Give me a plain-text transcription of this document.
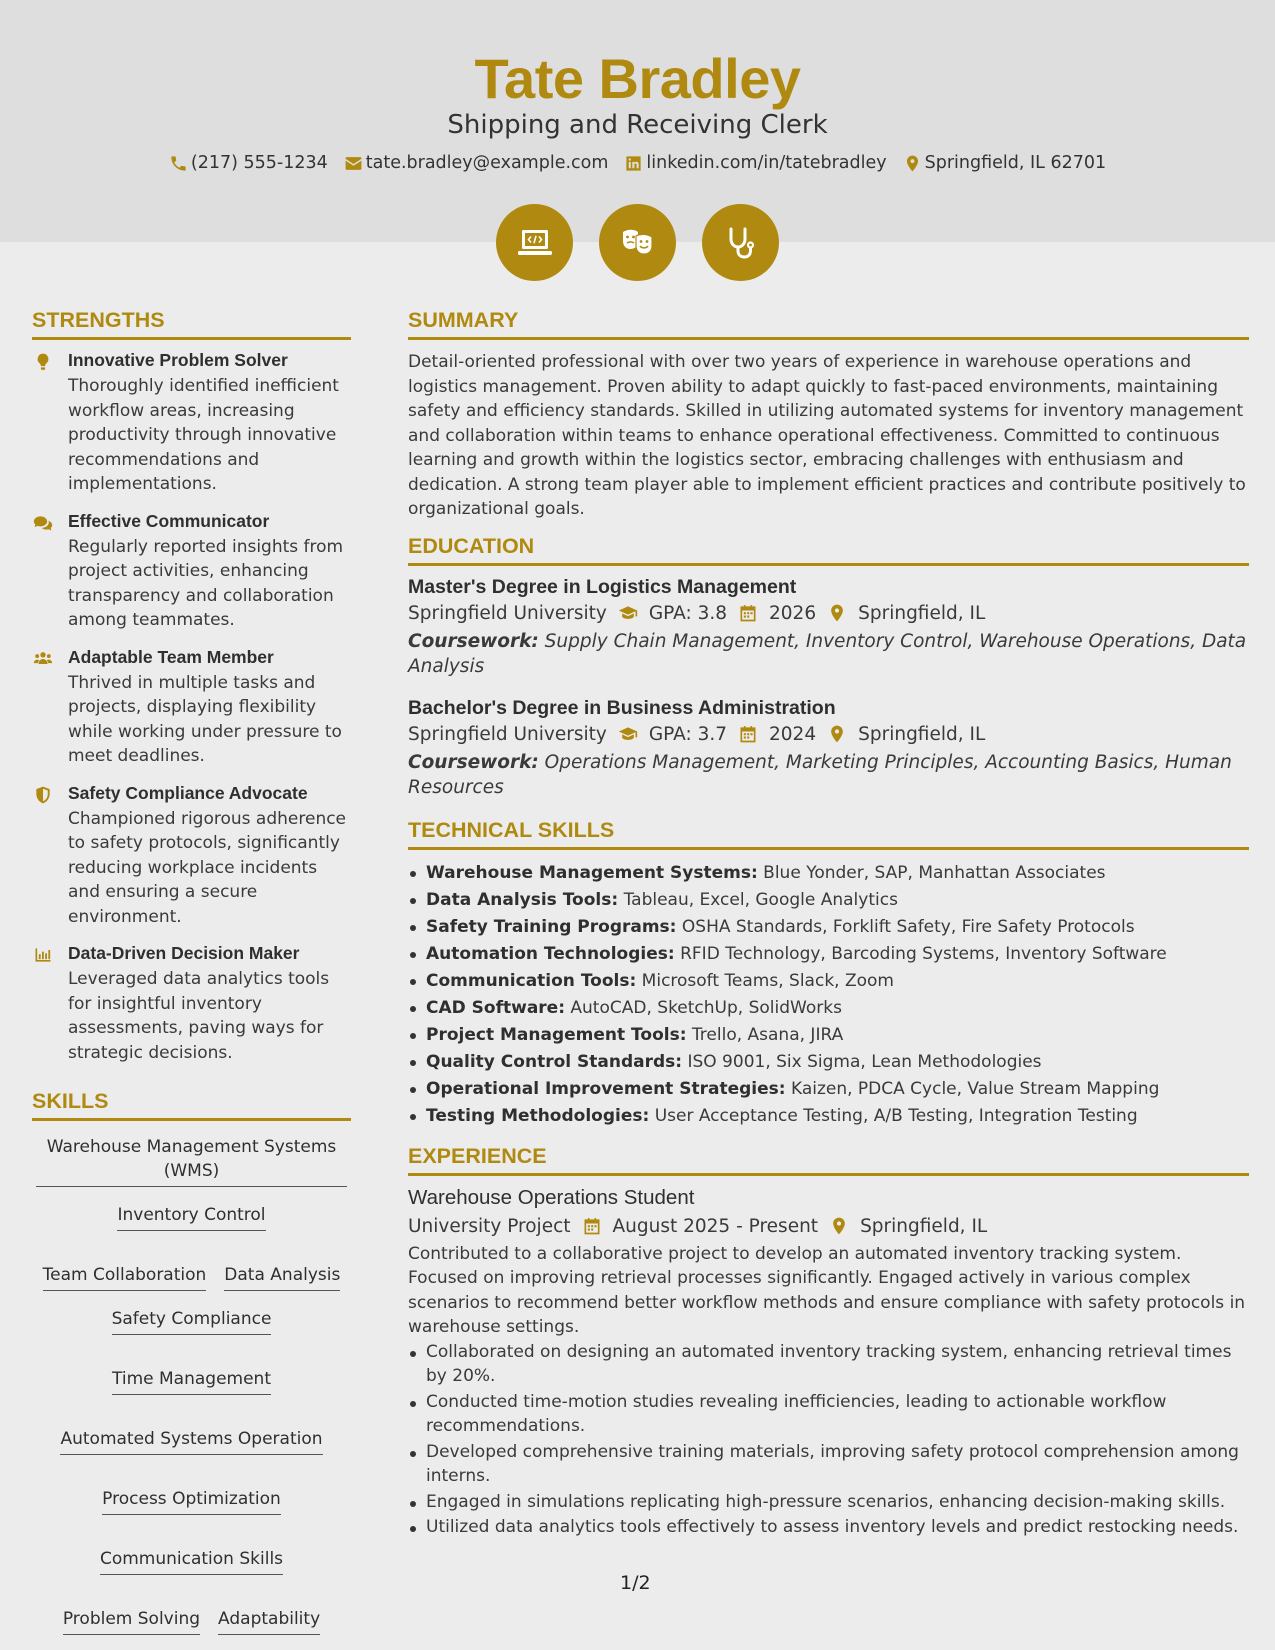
Tate Bradley
Shipping and Receiving Clerk
(217) 555-1234 tate.bradley@example.com linkedin.com/in/tatebradley Springfield, IL 62701
STRENGTHS
Innovative Problem Solver
Thoroughly identified inefficient workflow areas, increasing productivity through innovative recommendations and implementations.
Effective Communicator
Regularly reported insights from project activities, enhancing transparency and collaboration among teammates.
Adaptable Team Member
Thrived in multiple tasks and projects, displaying flexibility while working under pressure to meet deadlines.
Safety Compliance Advocate
Championed rigorous adherence to safety protocols, significantly reducing workplace incidents and ensuring a secure environment.
Data-Driven Decision Maker
Leveraged data analytics tools for insightful inventory assessments, paving ways for strategic decisions.
SKILLS
Warehouse Management Systems (WMS)
Inventory Control
Team Collaboration Data Analysis
Safety Compliance
Time Management
Automated Systems Operation
Process Optimization
Communication Skills
Problem Solving Adaptability
SUMMARY
Detail-oriented professional with over two years of experience in warehouse operations and logistics management. Proven ability to adapt quickly to fast-paced environments, maintaining safety and efficiency standards. Skilled in utilizing automated systems for inventory management and collaboration within teams to enhance operational effectiveness. Committed to continuous learning and growth within the logistics sector, embracing challenges with enthusiasm and dedication. A strong team player able to implement efficient practices and contribute positively to organizational goals.
EDUCATION
Master's Degree in Logistics Management
Springfield University GPA: 3.8 2026 Springfield, IL
Coursework: Supply Chain Management, Inventory Control, Warehouse Operations, Data Analysis
Bachelor's Degree in Business Administration
Springfield University GPA: 3.7 2024 Springfield, IL
Coursework: Operations Management, Marketing Principles, Accounting Basics, Human Resources
TECHNICAL SKILLS
Warehouse Management Systems: Blue Yonder, SAP, Manhattan Associates
Data Analysis Tools: Tableau, Excel, Google Analytics
Safety Training Programs: OSHA Standards, Forklift Safety, Fire Safety Protocols
Automation Technologies: RFID Technology, Barcoding Systems, Inventory Software
Communication Tools: Microsoft Teams, Slack, Zoom
CAD Software: AutoCAD, SketchUp, SolidWorks
Project Management Tools: Trello, Asana, JIRA
Quality Control Standards: ISO 9001, Six Sigma, Lean Methodologies
Operational Improvement Strategies: Kaizen, PDCA Cycle, Value Stream Mapping
Testing Methodologies: User Acceptance Testing, A/B Testing, Integration Testing
EXPERIENCE
Warehouse Operations Student
University Project August 2025 - Present Springfield, IL
Contributed to a collaborative project to develop an automated inventory tracking system. Focused on improving retrieval processes significantly. Engaged actively in various complex scenarios to recommend better workflow methods and ensure compliance with safety protocols in warehouse settings.
Collaborated on designing an automated inventory tracking system, enhancing retrieval times by 20%.
Conducted time-motion studies revealing inefficiencies, leading to actionable workflow recommendations.
Developed comprehensive training materials, improving safety protocol comprehension among interns.
Engaged in simulations replicating high-pressure scenarios, enhancing decision-making skills.
Utilized data analytics tools effectively to assess inventory levels and predict restocking needs.
1/2
